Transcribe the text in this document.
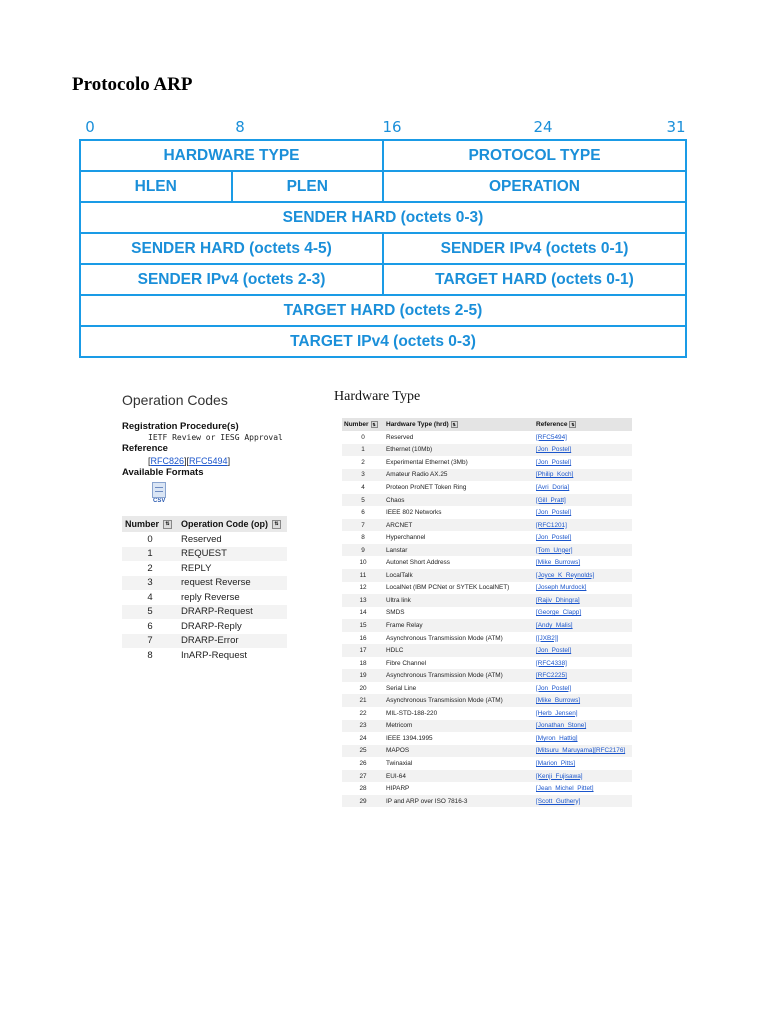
Protocolo ARP
0	8	16	24	31
HARDWARE TYPE	PROTOCOL TYPE
HLEN	PLEN	OPERATION
SENDER HARD (octets 0-3)
SENDER HARD (octets 4-5)	SENDER IPv4 (octets 0-1)
SENDER IPv4 (octets 2-3)	TARGET HARD (octets 0-1)
TARGET HARD (octets 2-5)
TARGET IPv4 (octets 0-3)
Operation Codes
Registration Procedure(s)
IETF Review or IESG Approval
Reference
[RFC826][RFC5494]
Available Formats
CSV
Number ⇅	Operation Code (op) ⇅
0	Reserved
1	REQUEST
2	REPLY
3	request Reverse
4	reply Reverse
5	DRARP-Request
6	DRARP-Reply
7	DRARP-Error
8	InARP-Request
Hardware Type
Number ⇅	Hardware Type (hrd) ⇅	Reference ⇅
0	Reserved	[RFC5494]
1	Ethernet (10Mb)	[Jon_Postel]
2	Experimental Ethernet (3Mb)	[Jon_Postel]
3	Amateur Radio AX.25	[Philip_Koch]
4	Proteon ProNET Token Ring	[Avri_Doria]
5	Chaos	[Gill_Pratt]
6	IEEE 802 Networks	[Jon_Postel]
7	ARCNET	[RFC1201]
8	Hyperchannel	[Jon_Postel]
9	Lanstar	[Tom_Unger]
10	Autonet Short Address	[Mike_Burrows]
11	LocalTalk	[Joyce_K_Reynolds]
12	LocalNet (IBM PCNet or SYTEK LocalNET)	[Joseph Murdock]
13	Ultra link	[Rajiv_Dhingra]
14	SMDS	[George_Clapp]
15	Frame Relay	[Andy_Malis]
16	Asynchronous Transmission Mode (ATM)	[[JXB2]]
17	HDLC	[Jon_Postel]
18	Fibre Channel	[RFC4338]
19	Asynchronous Transmission Mode (ATM)	[RFC2225]
20	Serial Line	[Jon_Postel]
21	Asynchronous Transmission Mode (ATM)	[Mike_Burrows]
22	MIL-STD-188-220	[Herb_Jensen]
23	Metricom	[Jonathan_Stone]
24	IEEE 1394.1995	[Myron_Hattig]
25	MAPOS	[Mitsuru_Maruyama][RFC2176]
26	Twinaxial	[Marion_Pitts]
27	EUI-64	[Kenji_Fujisawa]
28	HIPARP	[Jean_Michel_Pittet]
29	IP and ARP over ISO 7816-3	[Scott_Guthery]
